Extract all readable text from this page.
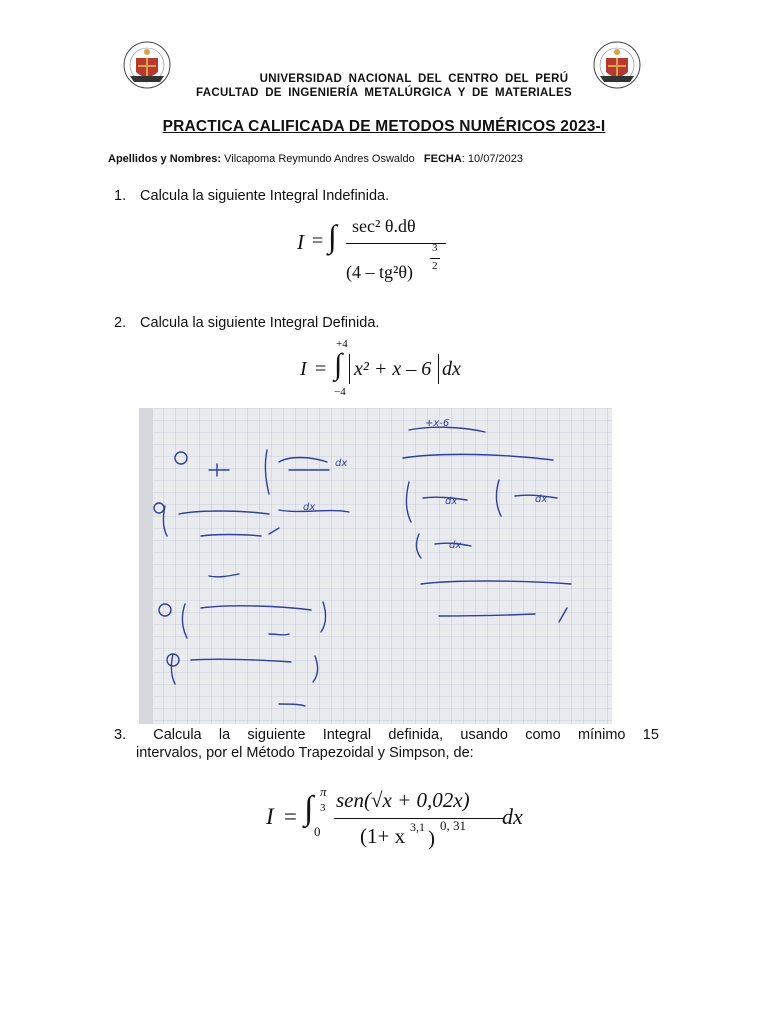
UNIVERSIDAD NACIONAL DEL CENTRO DEL PERÚ
FACULTAD DE INGENIERÍA METALÚRGICA Y DE MATERIALES
PRACTICA CALIFICADA DE METODOS NUMÉRICOS 2023-I
Apellidos y Nombres: Vilcapoma Reymundo Andres Oswaldo FECHA: 10/07/2023
1. Calcula la siguiente Integral Indefinida.
I = ∫ sec² θ.dθ
(4 – tg²θ)
3
2
2. Calcula la siguiente Integral Definida.
+4
I = ∫ x² + x – 6 dx
−4
dx
dx
+x-6
dx	dx
dx
3.	Calcula la siguiente Integral definida, usando como mínimo 15
intervalos, por el Método Trapezoidal y Simpson, de:
I = ∫ π
3
0
sen(√x + 0,02x)
(1+ x 3,1 )
0, 31 dx
